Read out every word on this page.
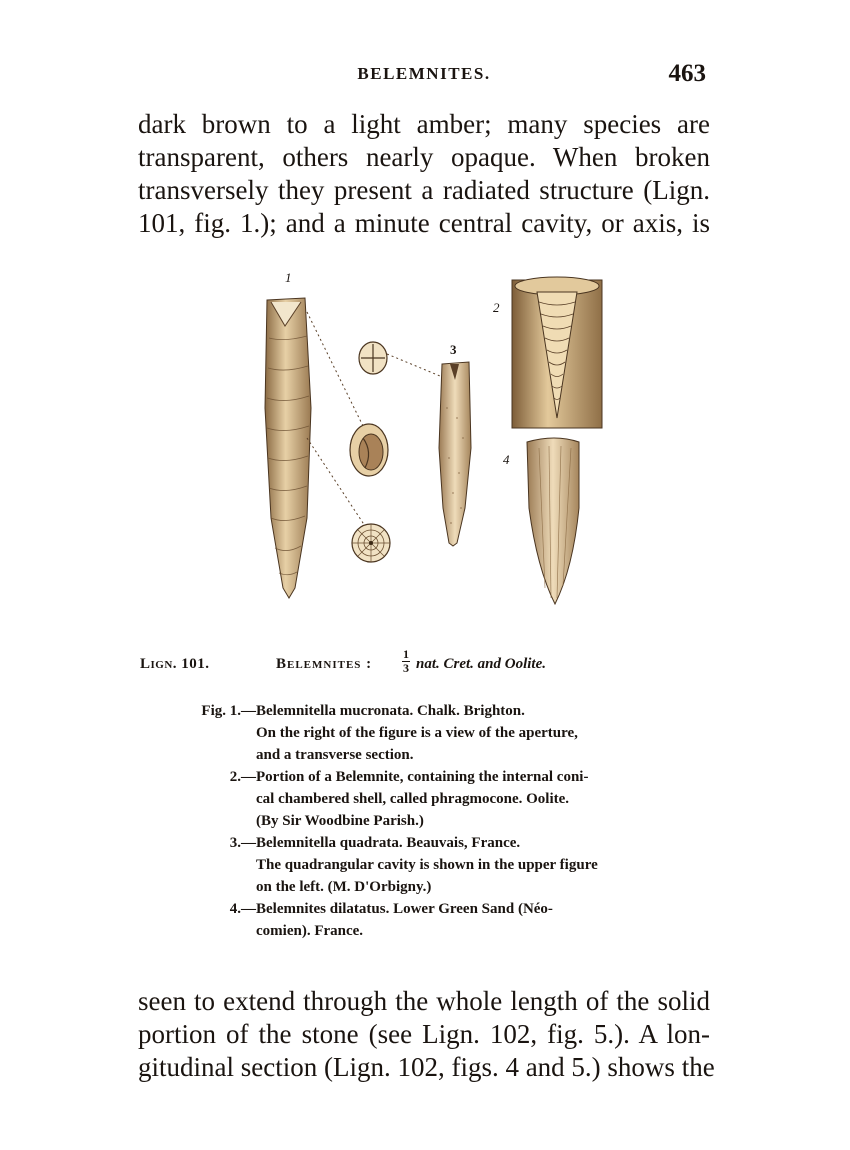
BELEMNITES.	463
dark brown to a light amber; many species are
transparent, others nearly opaque. When broken
transversely they present a radiated structure (Lign.
101, fig. 1.); and a minute central cavity, or axis, is
1
3
2
4
Lign. 101.	Belemnites :
1
3 nat. Cret. and Oolite.
Fig. 1.—Belemnitella mucronata. Chalk. Brighton.
On the right of the figure is a view of the aperture,
and a transverse section.
2.—Portion of a Belemnite, containing the internal coni-
cal chambered shell, called phragmocone. Oolite.
(By Sir Woodbine Parish.)
3.—Belemnitella quadrata. Beauvais, France.
The quadrangular cavity is shown in the upper figure
on the left. (M. D'Orbigny.)
4.—Belemnites dilatatus. Lower Green Sand (Néo-
comien). France.
seen to extend through the whole length of the solid
portion of the stone (see Lign. 102, fig. 5.). A lon-
gitudinal section (Lign. 102, figs. 4 and 5.) shows the
